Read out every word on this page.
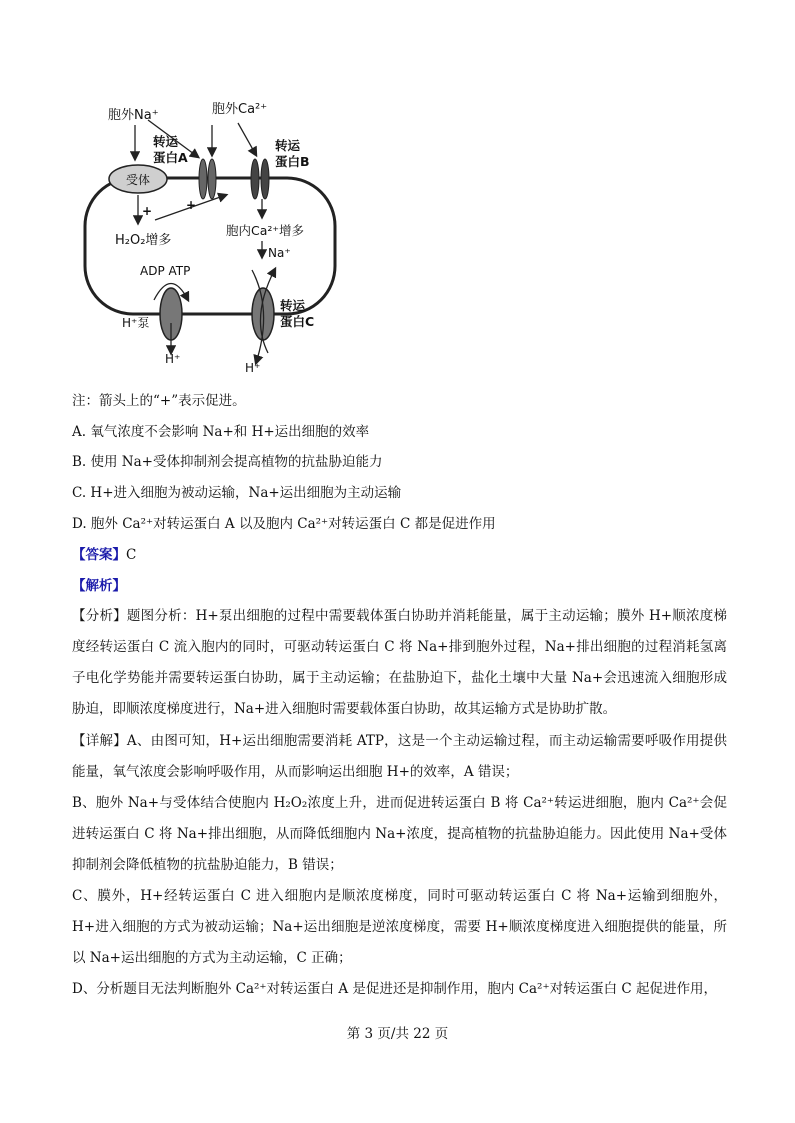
受体
胞外Na⁺	胞外Ca²⁺
转运
蛋白A
转运
蛋白B
+	+
H₂O₂增多
胞内Ca²⁺增多
Na⁺
ADP ATP
H⁺泵
H⁺
转运
蛋白C
H⁺
注：箭头上的“+”表示促进。
A. 氧气浓度不会影响 Na+和 H+运出细胞的效率
B. 使用 Na+受体抑制剂会提高植物的抗盐胁迫能力
C. H+进入细胞为被动运输，Na+运出细胞为主动运输
D. 胞外 Ca²⁺对转运蛋白 A 以及胞内 Ca²⁺对转运蛋白 C 都是促进作用
【答案】C
【解析】
【分析】题图分析：H+泵出细胞的过程中需要载体蛋白协助并消耗能量，属于主动运输；膜外 H+顺浓度梯度经转运蛋白 C 流入胞内的同时，可驱动转运蛋白 C 将 Na+排到胞外过程，Na+排出细胞的过程消耗氢离子电化学势能并需要转运蛋白协助，属于主动运输；在盐胁迫下，盐化土壤中大量 Na+会迅速流入细胞形成胁迫，即顺浓度梯度进行，Na+进入细胞时需要载体蛋白协助，故其运输方式是协助扩散。
【详解】A、由图可知，H+运出细胞需要消耗 ATP，这是一个主动运输过程，而主动运输需要呼吸作用提供能量，氧气浓度会影响呼吸作用，从而影响运出细胞 H+的效率，A 错误；
B、胞外 Na+与受体结合使胞内 H₂O₂浓度上升，进而促进转运蛋白 B 将 Ca²⁺转运进细胞，胞内 Ca²⁺会促进转运蛋白 C 将 Na+排出细胞，从而降低细胞内 Na+浓度，提高植物的抗盐胁迫能力。因此使用 Na+受体抑制剂会降低植物的抗盐胁迫能力，B 错误；
C、膜外，H+经转运蛋白 C 进入细胞内是顺浓度梯度，同时可驱动转运蛋白 C 将 Na+运输到细胞外，H+进入细胞的方式为被动运输；Na+运出细胞是逆浓度梯度，需要 H+顺浓度梯度进入细胞提供的能量，所以 Na+运出细胞的方式为主动运输，C 正确；
D、分析题目无法判断胞外 Ca²⁺对转运蛋白 A 是促进还是抑制作用，胞内 Ca²⁺对转运蛋白 C 起促进作用，
第 3 页/共 22 页
